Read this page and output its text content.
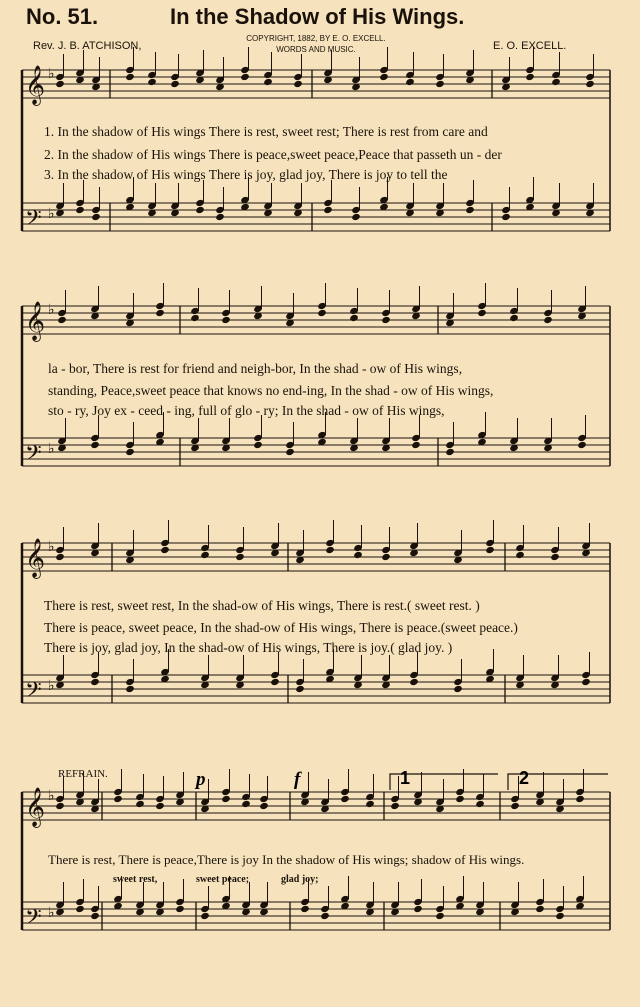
No. 51.	In the Shadow of His Wings.
Rev. J. B. ATCHISON,
COPYRIGHT, 1882, BY E. O. EXCELL.
WORDS AND MUSIC.	E. O. EXCELL.
1. In the shadow of His wings There is rest, sweet rest; There is rest from care and
2. In the shadow of His wings There is peace,sweet peace,Peace that passeth un - der
3. In the shadow of His wings There is joy, glad joy, There is joy to tell the
la - bor, There is rest for friend and neigh-bor, In the shad - ow of His wings,
standing, Peace,sweet peace that knows no end-ing, In the shad - ow of His wings,
sto - ry, Joy ex - ceed - ing, full of glo - ry; In the shad - ow of His wings,
There is rest, sweet rest, In the shad-ow of His wings, There is rest.( sweet rest. )
There is peace, sweet peace, In the shad-ow of His wings, There is peace.(sweet peace.)
There is joy, glad joy, In the shad-ow of His wings, There is joy.( glad joy. )
REFRAIN.
There is rest, There is peace,There is joy In the shadow of His wings; shadow of His wings.
sweet rest,	sweet peace;	glad joy;
𝄞 ♭
𝄢 ♭
𝄞 ♭
𝄢 ♭
𝄞 ♭
𝄢 ♭
𝄞 ♭
𝄢 ♭
1	2
p	f
